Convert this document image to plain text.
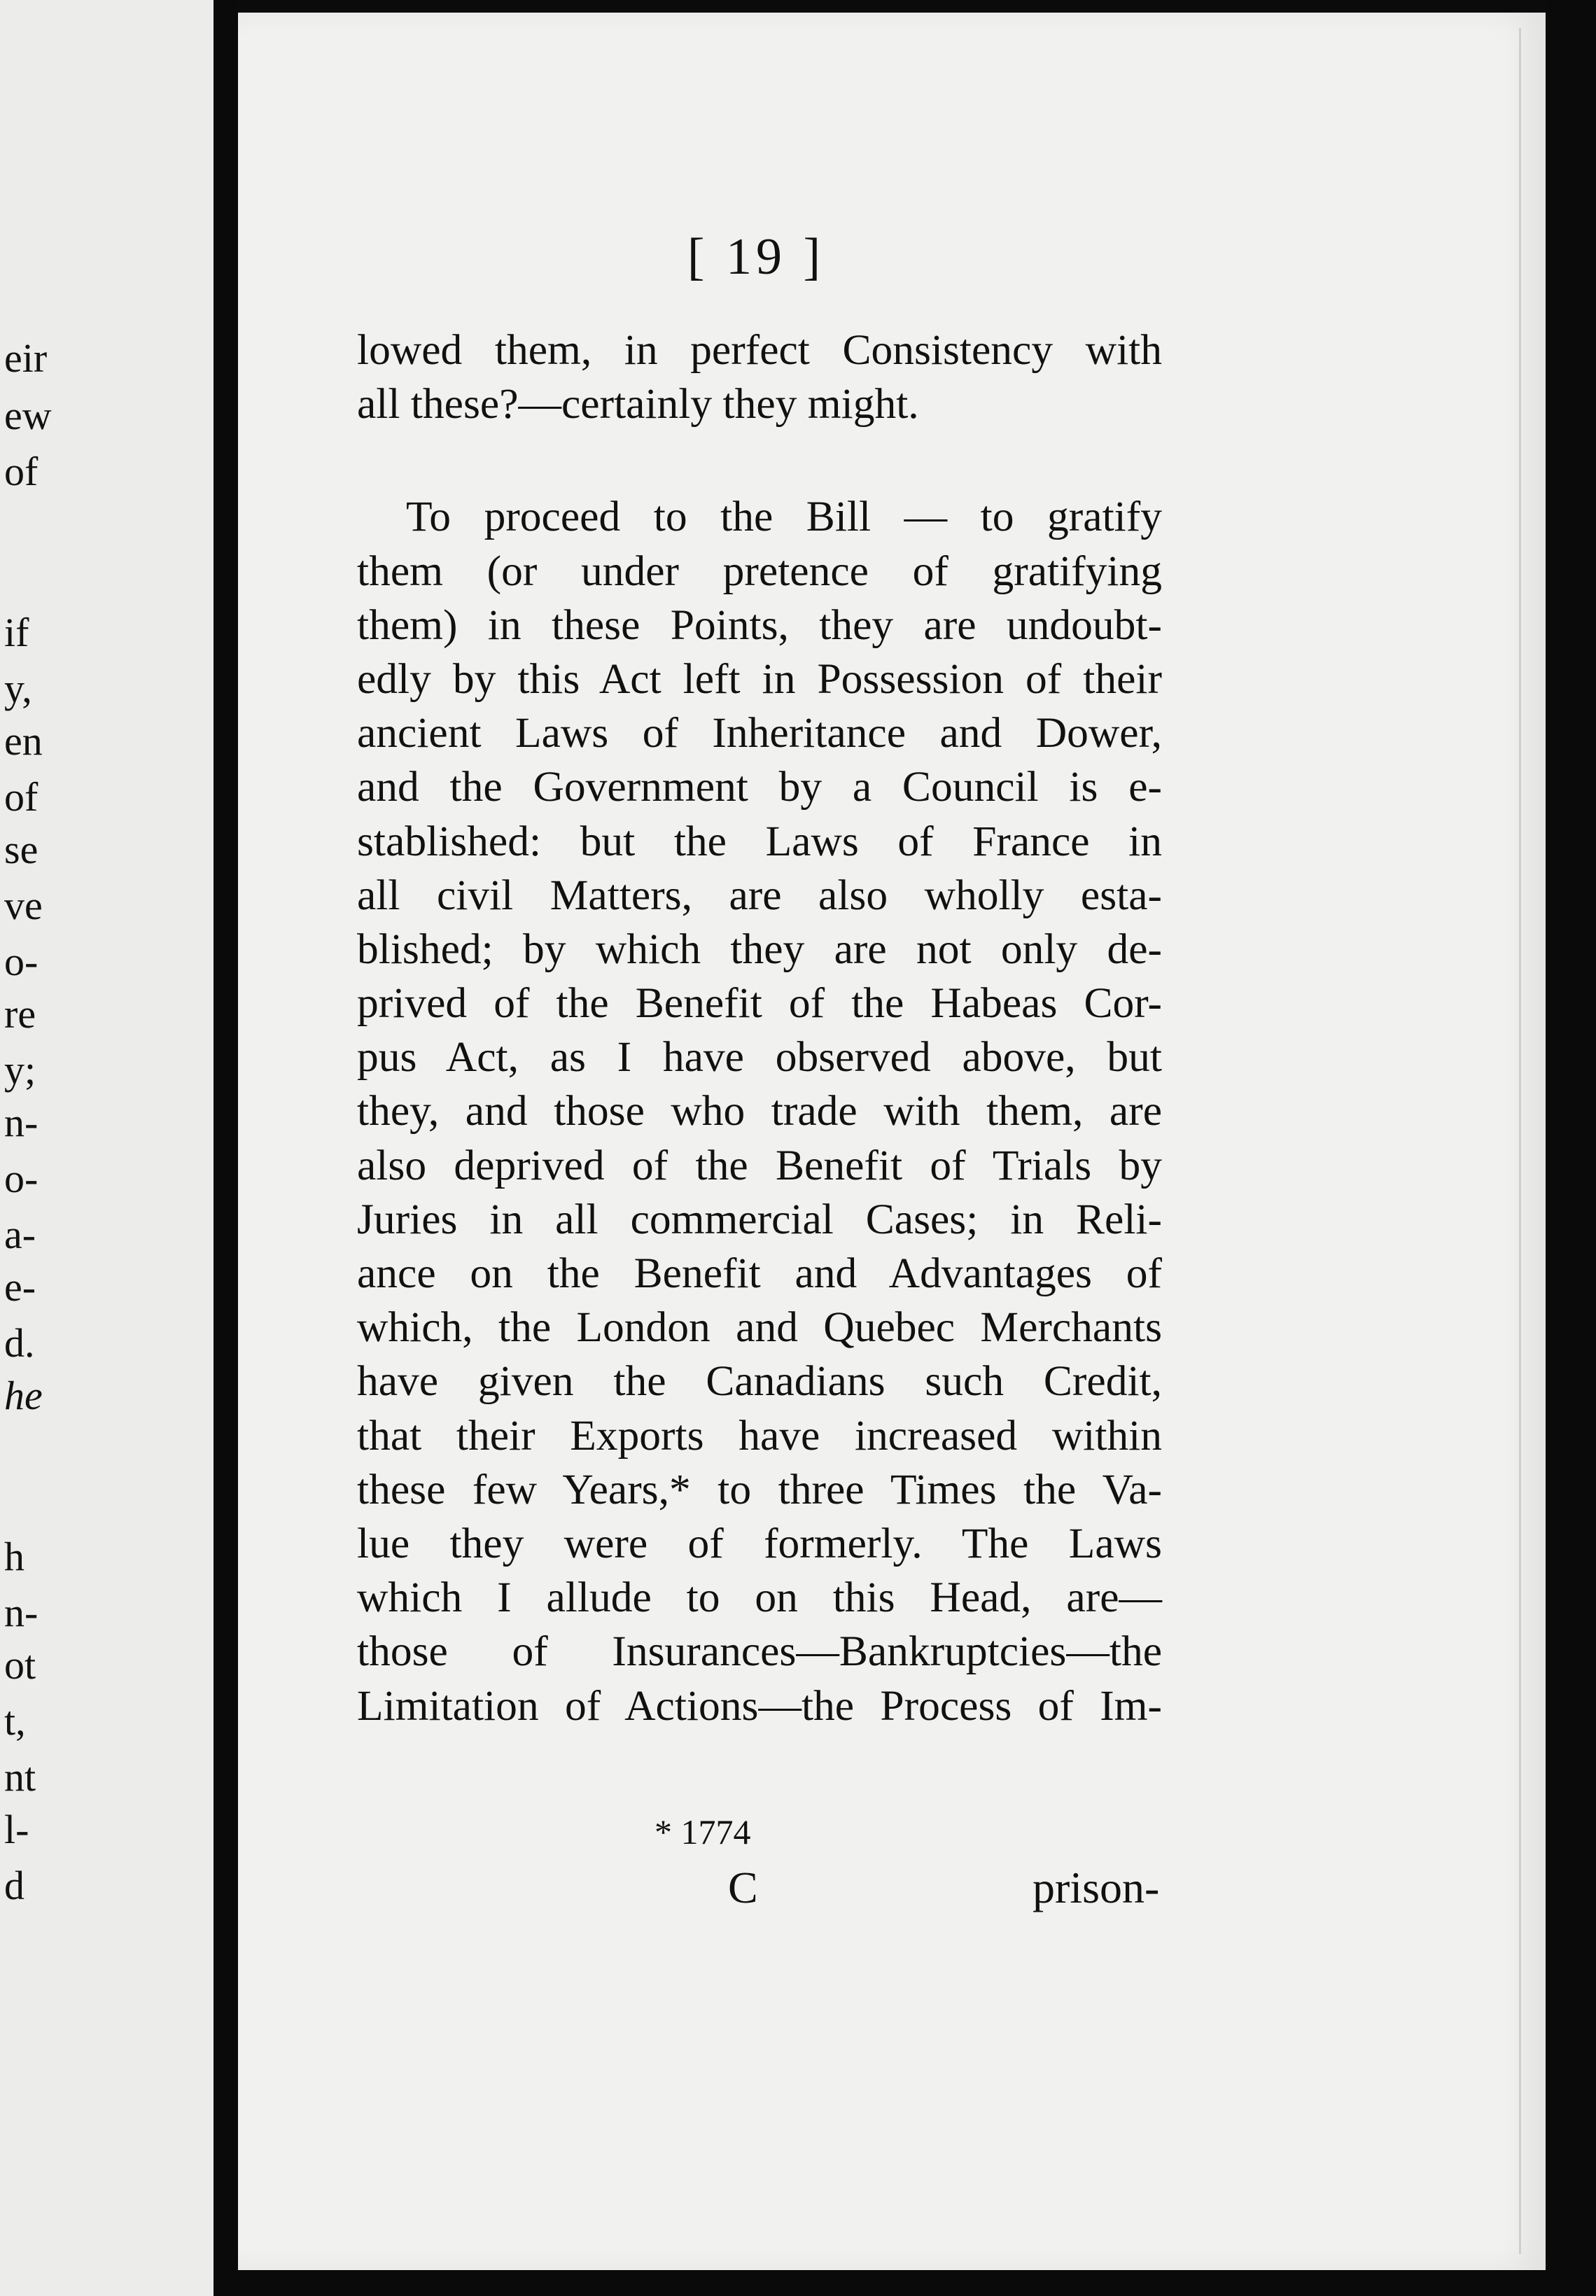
eir
ew
of
if
y,
en
of
se
ve
o-
re
y;
n-
o-
a-
e-
d.
he
h
n-
ot
t,
nt
l-
d
[ 19 ]
lowed them, in perfect Consistency with
all these?—certainly they might.
To proceed to the Bill — to gratify
them (or under pretence of gratifying
them) in these Points, they are undoubt-
edly by this Act left in Possession of their
ancient Laws of Inheritance and Dower,
and the Government by a Council is e-
stablished: but the Laws of France in
all civil Matters, are also wholly esta-
blished; by which they are not only de-
prived of the Benefit of the Habeas Cor-
pus Act, as I have observed above, but
they, and those who trade with them, are
also deprived of the Benefit of Trials by
Juries in all commercial Cases; in Reli-
ance on the Benefit and Advantages of
which, the London and Quebec Merchants
have given the Canadians such Credit,
that their Exports have increased within
these few Years,* to three Times the Va-
lue they were of formerly. The Laws
which I allude to on this Head, are—
those of Insurances—Bankruptcies—the
Limitation of Actions—the Process of Im-
* 1774
C	prison-
